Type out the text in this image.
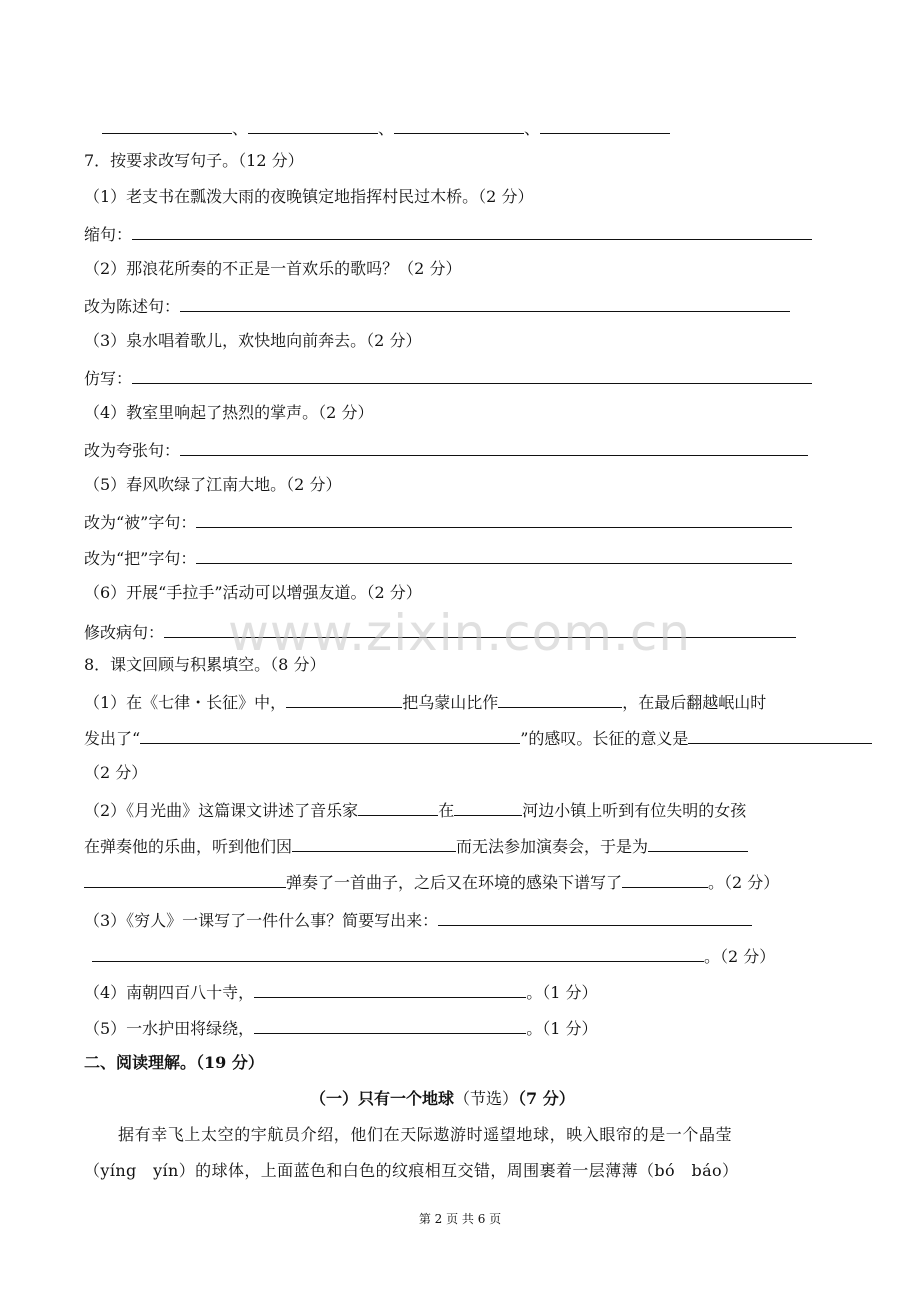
、	、	、
7．按要求改写句子。（12 分）
（1）老支书在瓢泼大雨的夜晚镇定地指挥村民过木桥。（2 分）
缩句：
（2）那浪花所奏的不正是一首欢乐的歌吗？（2 分）
改为陈述句：
（3）泉水唱着歌儿，欢快地向前奔去。（2 分）
仿写：
（4）教室里响起了热烈的掌声。（2 分）
改为夸张句：
（5）春风吹绿了江南大地。（2 分）
改为“被”字句：
改为“把”字句：
（6）开展“手拉手”活动可以增强友道。（2 分）
修改病句：
8．课文回顾与积累填空。（8 分）
（1）在《七律・长征》中，	把乌蒙山比作	，在最后翻越岷山时
发出了“	”的感叹。长征的意义是
（2 分）
（2）《月光曲》这篇课文讲述了音乐家	在	河边小镇上听到有位失明的女孩
在弹奏他的乐曲，听到他们因	而无法参加演奏会，于是为
弹奏了一首曲子，之后又在环境的感染下谱写了	。（2 分）
（3）《穷人》一课写了一件什么事？简要写出来：
。（2 分）
（4）南朝四百八十寺，	。（1 分）
（5）一水护田将绿绕，	。（1 分）
二、阅读理解。（19 分）
（一）只有一个地球（节选）（7 分）
据有幸飞上太空的宇航员介绍，他们在天际遨游时遥望地球，映入眼帘的是一个晶莹
（yíng　yín）的球体，上面蓝色和白色的纹痕相互交错，周围裹着一层薄薄（bó　báo）
www.zixin.com.cn
第 2 页 共 6 页
